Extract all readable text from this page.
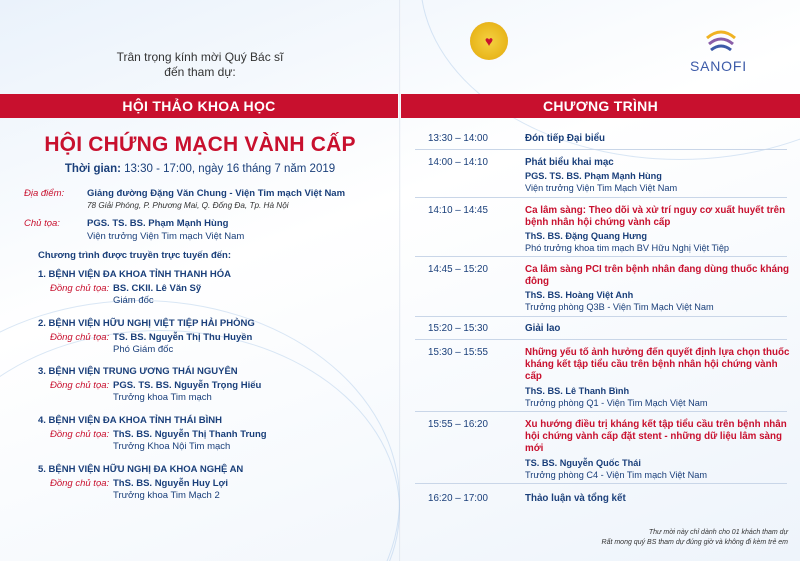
Trân trọng kính mời Quý Bác sĩ
đến tham dự:
HỘI THẢO KHOA HỌC	CHƯƠNG TRÌNH
HỘI CHỨNG MẠCH VÀNH CẤP
Thời gian: 13:30 - 17:00, ngày 16 tháng 7 năm 2019
Địa điểm: Giảng đường Đặng Văn Chung - Viện Tim mạch Việt Nam
78 Giải Phóng, P. Phương Mai, Q. Đống Đa, Tp. Hà Nội
Chủ tọa:	PGS. TS. BS. Phạm Mạnh Hùng
Viện trưởng Viện Tim mạch Việt Nam
Chương trình được truyền trực tuyến đến:
1. BỆNH VIỆN ĐA KHOA TỈNH THANH HÓA
Đồng chủ tọa: BS. CKII. Lê Văn Sỹ
Giám đốc
2. BỆNH VIỆN HỮU NGHỊ VIỆT TIỆP HẢI PHÒNG
Đồng chủ tọa: TS. BS. Nguyễn Thị Thu Huyền
Phó Giám đốc
3. BỆNH VIỆN TRUNG ƯƠNG THÁI NGUYÊN
Đồng chủ tọa: PGS. TS. BS. Nguyễn Trọng Hiếu
Trưởng khoa Tim mạch
4. BỆNH VIỆN ĐA KHOA TỈNH THÁI BÌNH
Đồng chủ tọa: ThS. BS. Nguyễn Thị Thanh Trung
Trưởng Khoa Nội Tim mạch
5. BỆNH VIỆN HỮU NGHỊ ĐA KHOA NGHỆ AN
Đồng chủ tọa: ThS. BS. Nguyễn Huy Lợi
Trưởng khoa Tim Mạch 2
♥
SANOFI
13:30 – 14:00	Đón tiếp Đại biểu
14:00 – 14:10	Phát biểu khai mạc
PGS. TS. BS. Phạm Mạnh Hùng
Viện trưởng Viện Tim Mạch Việt Nam
14:10 – 14:45	Ca lâm sàng: Theo dõi và xử trí nguy cơ xuất huyết trên bệnh nhân hội chứng vành cấp
ThS. BS. Đặng Quang Hưng
Phó trưởng khoa tim mạch BV Hữu Nghị Việt Tiệp
14:45 – 15:20	Ca lâm sàng PCI trên bệnh nhân đang dùng thuốc kháng đông
ThS. BS. Hoàng Việt Anh
Trưởng phòng Q3B - Viện Tim Mạch Việt Nam
15:20 – 15:30	Giải lao
15:30 – 15:55	Những yếu tố ảnh hưởng đến quyết định lựa chọn thuốc kháng kết tập tiểu cầu trên bệnh nhân hội chứng vành cấp
ThS. BS. Lê Thanh Bình
Trưởng phòng Q1 - Viện Tim Mạch Việt Nam
15:55 – 16:20	Xu hướng điều trị kháng kết tập tiểu cầu trên bệnh nhân hội chứng vành cấp đặt stent - những dữ liệu lâm sàng mới
TS. BS. Nguyễn Quốc Thái
Trưởng phòng C4 - Viện Tim mạch Việt Nam
16:20 – 17:00	Thảo luận và tổng kết
Thư mời này chỉ dành cho 01 khách tham dự
Rất mong quý BS tham dự đúng giờ và không đi kèm trẻ em
